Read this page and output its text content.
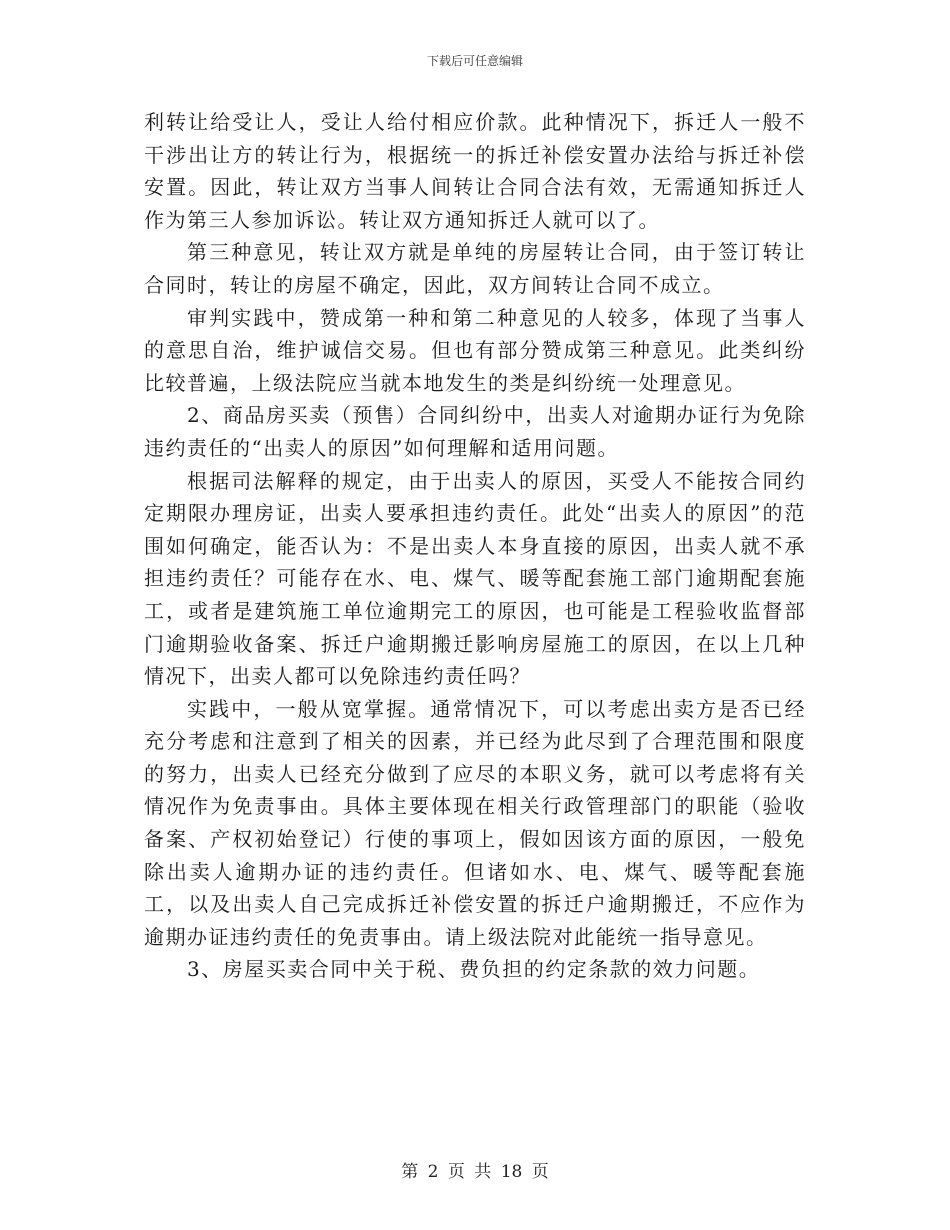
下载后可任意编辑

利转让给受让人，受让人给付相应价款。此种情况下，拆迁人一般不干涉出让方的转让行为，根据统一的拆迁补偿安置办法给与拆迁补偿安置。因此，转让双方当事人间转让合同合法有效，无需通知拆迁人作为第三人参加诉讼。转让双方通知拆迁人就可以了。

第三种意见，转让双方就是单纯的房屋转让合同，由于签订转让合同时，转让的房屋不确定，因此，双方间转让合同不成立。

审判实践中，赞成第一种和第二种意见的人较多，体现了当事人的意思自治，维护诚信交易。但也有部分赞成第三种意见。此类纠纷比较普遍，上级法院应当就本地发生的类是纠纷统一处理意见。

2、商品房买卖（预售）合同纠纷中，出卖人对逾期办证行为免除违约责任的“出卖人的原因”如何理解和适用问题。

根据司法解释的规定，由于出卖人的原因，买受人不能按合同约定期限办理房证，出卖人要承担违约责任。此处“出卖人的原因”的范围如何确定，能否认为：不是出卖人本身直接的原因，出卖人就不承担违约责任？可能存在水、电、煤气、暖等配套施工部门逾期配套施工，或者是建筑施工单位逾期完工的原因，也可能是工程验收监督部门逾期验收备案、拆迁户逾期搬迁影响房屋施工的原因，在以上几种情况下，出卖人都可以免除违约责任吗？

实践中，一般从宽掌握。通常情况下，可以考虑出卖方是否已经充分考虑和注意到了相关的因素，并已经为此尽到了合理范围和限度的努力，出卖人已经充分做到了应尽的本职义务，就可以考虑将有关情况作为免责事由。具体主要体现在相关行政管理部门的职能（验收备案、产权初始登记）行使的事项上，假如因该方面的原因，一般免除出卖人逾期办证的违约责任。但诸如水、电、煤气、暖等配套施工，以及出卖人自己完成拆迁补偿安置的拆迁户逾期搬迁，不应作为逾期办证违约责任的免责事由。请上级法院对此能统一指导意见。

3、房屋买卖合同中关于税、费负担的约定条款的效力问题。

第 2 页 共 18 页
